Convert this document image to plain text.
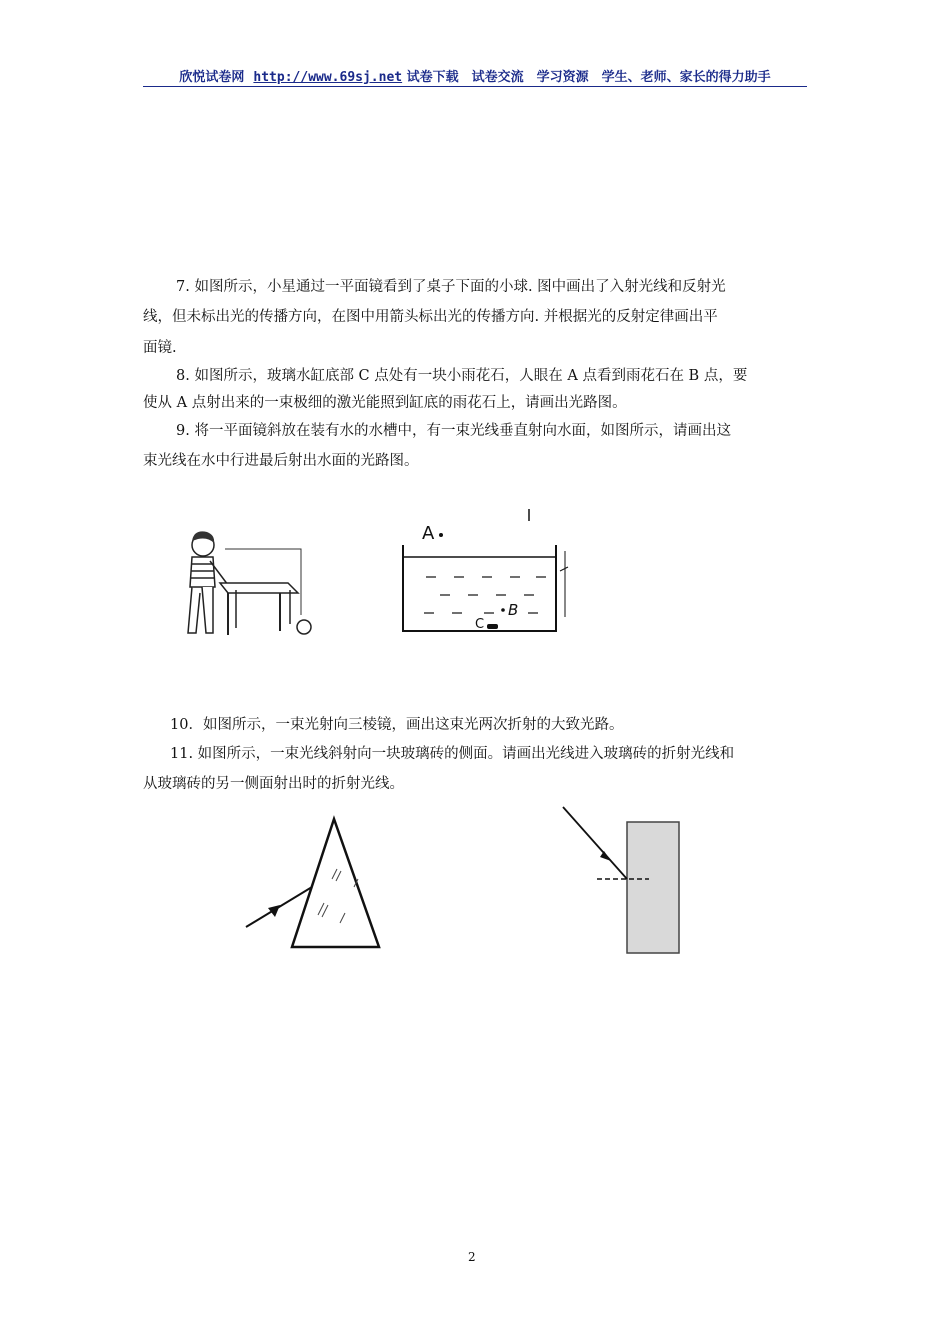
欣悦试卷网 http://www.69sj.net 试卷下载　试卷交流　学习资源　学生、老师、家长的得力助手
7. 如图所示，小星通过一平面镜看到了桌子下面的小球. 图中画出了入射光线和反射光
线，但未标出光的传播方向，在图中用箭头标出光的传播方向. 并根据光的反射定律画出平
面镜.
8. 如图所示，玻璃水缸底部 C 点处有一块小雨花石，人眼在 A 点看到雨花石在 B 点，要
使从 A 点射出来的一束极细的激光能照到缸底的雨花石上，请画出光路图。
9. 将一平面镜斜放在装有水的水槽中，有一束光线垂直射向水面，如图所示，请画出这
束光线在水中行进最后射出水面的光路图。
A
B
C
10．如图所示，一束光射向三棱镜，画出这束光两次折射的大致光路。
11. 如图所示，一束光线斜射向一块玻璃砖的侧面。请画出光线进入玻璃砖的折射光线和
从玻璃砖的另一侧面射出时的折射光线。
2
